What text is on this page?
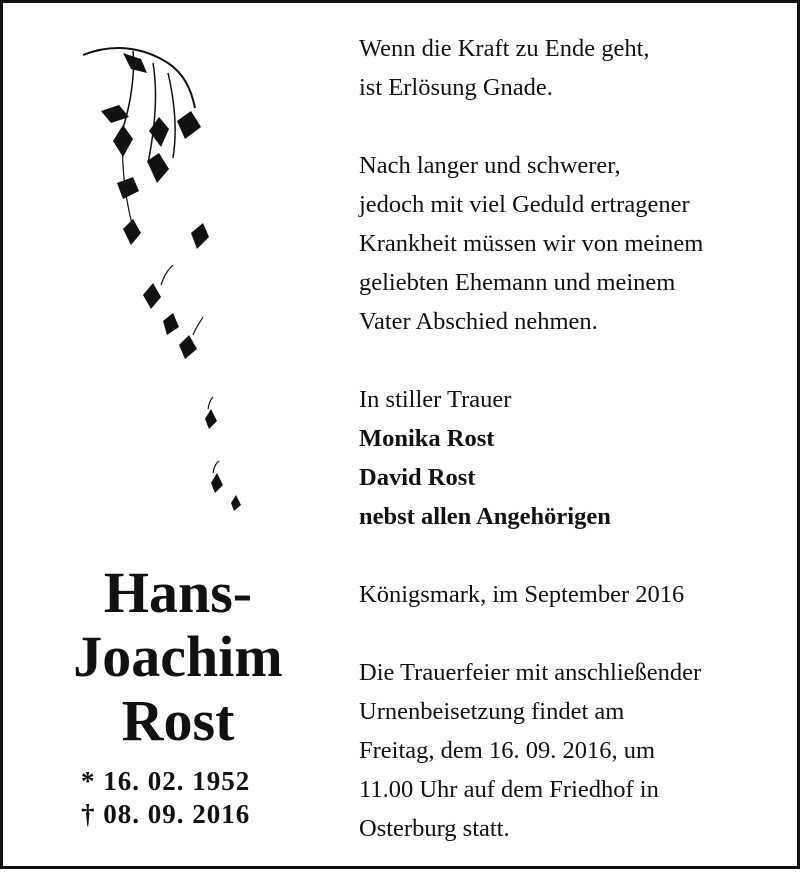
Hans-
Joachim
Rost
* 16. 02. 1952
† 08. 09. 2016

Wenn die Kraft zu Ende geht,
ist Erlösung Gnade.

Nach langer und schwerer,
jedoch mit viel Geduld ertragener
Krankheit müssen wir von meinem
geliebten Ehemann und meinem
Vater Abschied nehmen.

In stiller Trauer
Monika Rost
David Rost
nebst allen Angehörigen

Königsmark, im September 2016

Die Trauerfeier mit anschließender
Urnenbeisetzung findet am
Freitag, dem 16. 09. 2016, um
11.00 Uhr auf dem Friedhof in
Osterburg statt.
